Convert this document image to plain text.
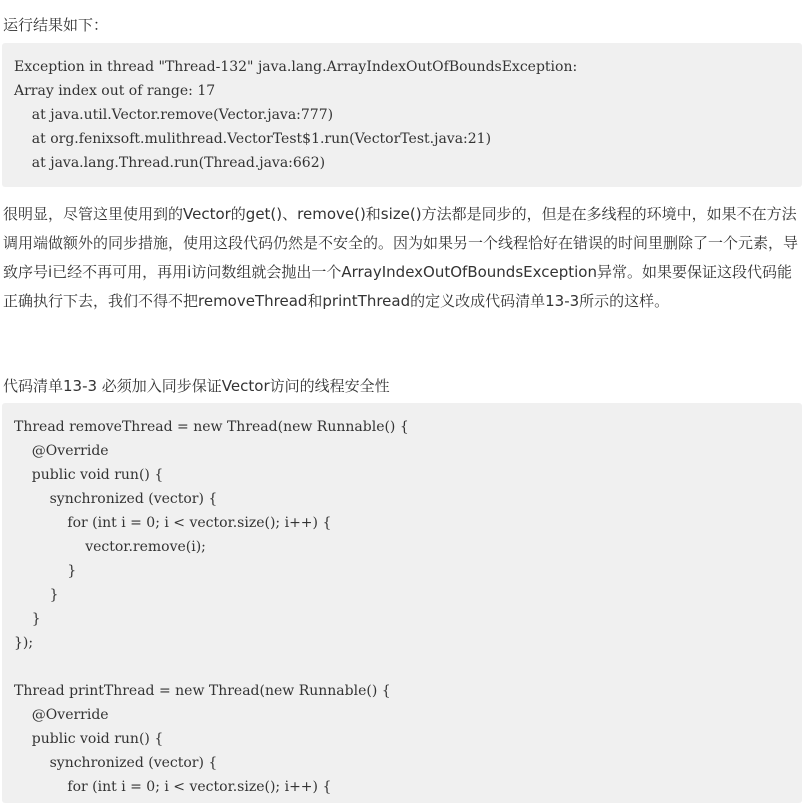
运行结果如下：

Exception in thread "Thread-132" java.lang.ArrayIndexOutOfBoundsException:
Array index out of range: 17
at java.util.Vector.remove(Vector.java:777)
at org.fenixsoft.mulithread.VectorTest$1.run(VectorTest.java:21)
at java.lang.Thread.run(Thread.java:662)

很明显，尽管这里使用到的Vector的get()、remove()和size()方法都是同步的，但是在多线程的环境中，如果不在方法调用端做额外的同步措施，使用这段代码仍然是不安全的。因为如果另一个线程恰好在错误的时间里删除了一个元素，导致序号i已经不再可用，再用i访问数组就会抛出一个ArrayIndexOutOfBoundsException异常。如果要保证这段代码能正确执行下去，我们不得不把removeThread和printThread的定义改成代码清单13-3所示的这样。

代码清单13-3 必须加入同步保证Vector访问的线程安全性

Thread removeThread = new Thread(new Runnable() {
@Override
public void run() {
synchronized (vector) {
for (int i = 0; i < vector.size(); i++) {
vector.remove(i);
}
}
}
});
Thread printThread = new Thread(new Runnable() {
@Override
public void run() {
synchronized (vector) {
for (int i = 0; i < vector.size(); i++) {
